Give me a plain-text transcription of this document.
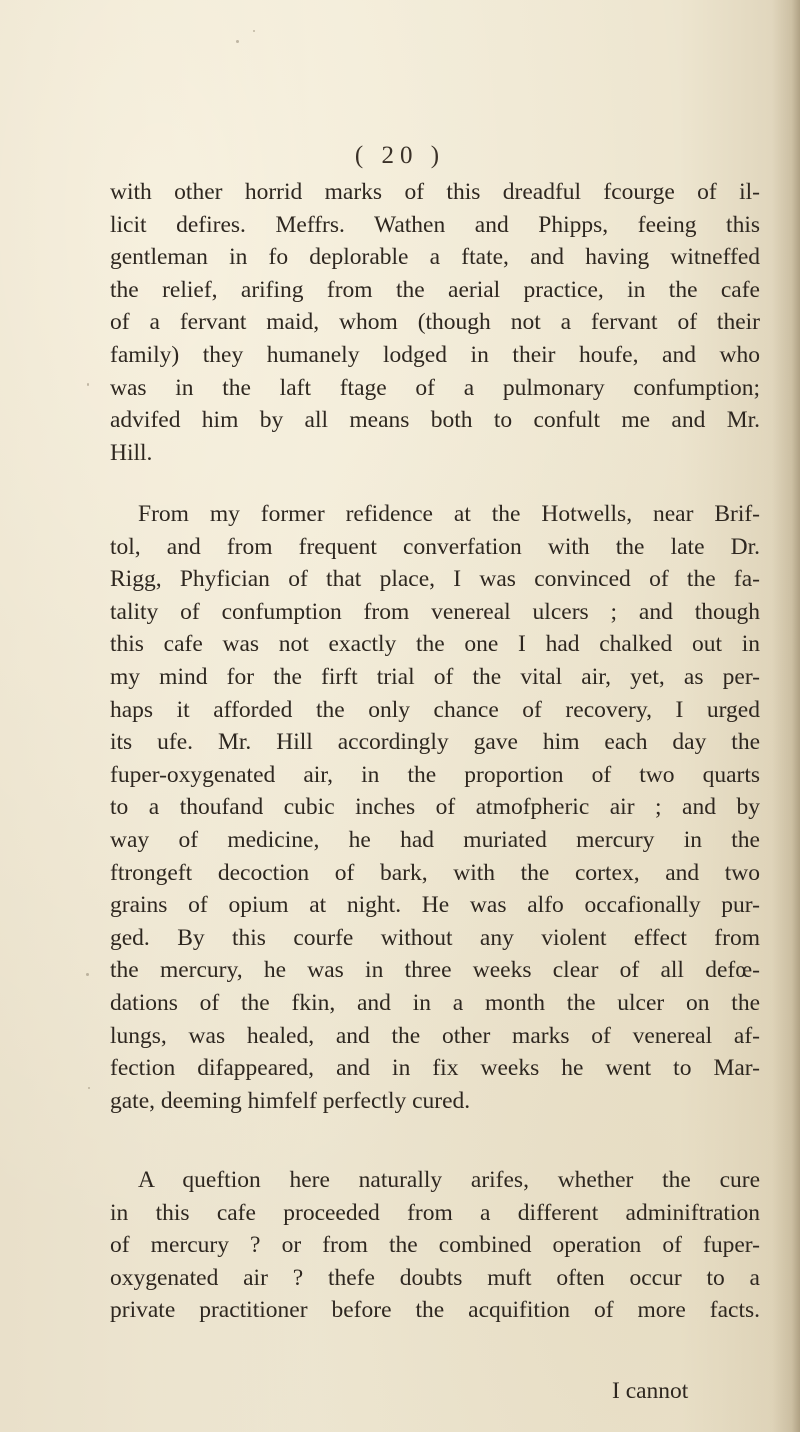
( 20 )
with other horrid marks of this dreadful fcourge of il-
licit defires. Meffrs. Wathen and Phipps, feeing this
gentleman in fo deplorable a ftate, and having witneffed
the relief, arifing from the aerial practice, in the cafe
of a fervant maid, whom (though not a fervant of their
family) they humanely lodged in their houfe, and who
was in the laft ftage of a pulmonary confumption;
advifed him by all means both to confult me and Mr.
Hill.
From my former refidence at the Hotwells, near Brif-
tol, and from frequent converfation with the late Dr.
Rigg, Phyfician of that place, I was convinced of the fa-
tality of confumption from venereal ulcers ; and though
this cafe was not exactly the one I had chalked out in
my mind for the firft trial of the vital air, yet, as per-
haps it afforded the only chance of recovery, I urged
its ufe. Mr. Hill accordingly gave him each day the
fuper-oxygenated air, in the proportion of two quarts
to a thoufand cubic inches of atmofpheric air ; and by
way of medicine, he had muriated mercury in the
ftrongeft decoction of bark, with the cortex, and two
grains of opium at night. He was alfo occafionally pur-
ged. By this courfe without any violent effect from
the mercury, he was in three weeks clear of all defœ-
dations of the fkin, and in a month the ulcer on the
lungs, was healed, and the other marks of venereal af-
fection difappeared, and in fix weeks he went to Mar-
gate, deeming himfelf perfectly cured.
A queftion here naturally arifes, whether the cure
in this cafe proceeded from a different adminiftration
of mercury ? or from the combined operation of fuper-
oxygenated air ? thefe doubts muft often occur to a
private practitioner before the acquifition of more facts.
I cannot
